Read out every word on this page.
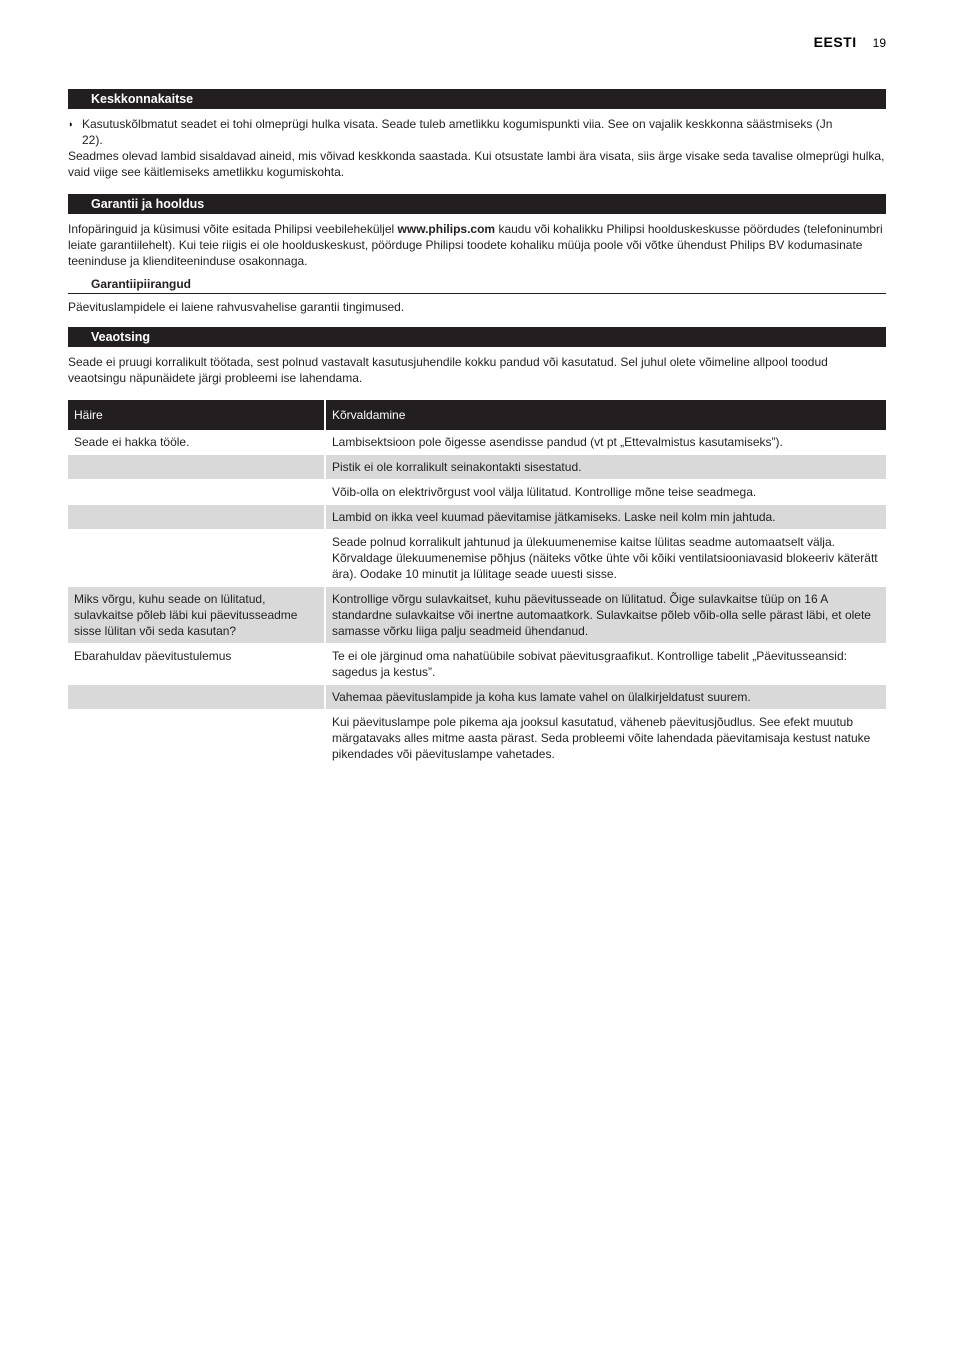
EESTI 19
Keskkonnakaitse
◗ Kasutuskõlbmatut seadet ei tohi olmeprügi hulka visata. Seade tuleb ametlikku kogumispunkti viia. See on vajalik keskkonna säästmiseks (Jn 22).

Seadmes olevad lambid sisaldavad aineid, mis võivad keskkonda saastada. Kui otsustate lambi ära visata, siis ärge visake seda tavalise olmeprügi hulka, vaid viige see käitlemiseks ametlikku kogumiskohta.

Garantii ja hooldus

Infopäringuid ja küsimusi võite esitada Philipsi veebileheküljel www.philips.com kaudu või kohalikku Philipsi hoolduskeskusse pöördudes (telefoninumbri leiate garantiilehelt). Kui teie riigis ei ole hoolduskeskust, pöörduge Philipsi toodete kohaliku müüja poole või võtke ühendust Philips BV kodumasinate teeninduse ja klienditeeninduse osakonnaga.

Garantiipiirangud

Päevituslampidele ei laiene rahvusvahelise garantii tingimused.

Veaotsing

Seade ei pruugi korralikult töötada, sest polnud vastavalt kasutusjuhendile kokku pandud või kasutatud. Sel juhul olete võimeline allpool toodud veaotsingu näpunäidete järgi probleemi ise lahendama.

Häire	Kõrvaldamine
Seade ei hakka tööle.	Lambisektsioon pole õigesse asendisse pandud (vt pt „Ettevalmistus kasutamiseks”).
	Pistik ei ole korralikult seinakontakti sisestatud.
	Võib-olla on elektrivõrgust vool välja lülitatud. Kontrollige mõne teise seadmega.
	Lambid on ikka veel kuumad päevitamise jätkamiseks. Laske neil kolm min jahtuda.
	Seade polnud korralikult jahtunud ja ülekuumenemise kaitse lülitas seadme automaatselt välja. Kõrvaldage ülekuumenemise põhjus (näiteks võtke ühte või kõiki ventilatsiooniavasid blokeeriv käterätt ära). Oodake 10 minutit ja lülitage seade uuesti sisse.
Miks võrgu, kuhu seade on lülitatud, sulavkaitse põleb läbi kui päevitusseadme sisse lülitan või seda kasutan?	Kontrollige võrgu sulavkaitset, kuhu päevitusseade on lülitatud. Õige sulavkaitse tüüp on 16 A standardne sulavkaitse või inertne automaatkork. Sulavkaitse põleb võib-olla selle pärast läbi, et olete samasse võrku liiga palju seadmeid ühendanud.
Ebarahuldav päevitustulemus	Te ei ole järginud oma nahatüübile sobivat päevitusgraafikut. Kontrollige tabelit „Päevitusseansid: sagedus ja kestus”.
	Vahemaa päevituslampide ja koha kus lamate vahel on ülalkirjeldatust suurem.
	Kui päevituslampe pole pikema aja jooksul kasutatud, väheneb päevitusjõudlus. See efekt muutub märgatavaks alles mitme aasta pärast. Seda probleemi võite lahendada päevitamisaja kestust natuke pikendades või päevituslampe vahetades.
